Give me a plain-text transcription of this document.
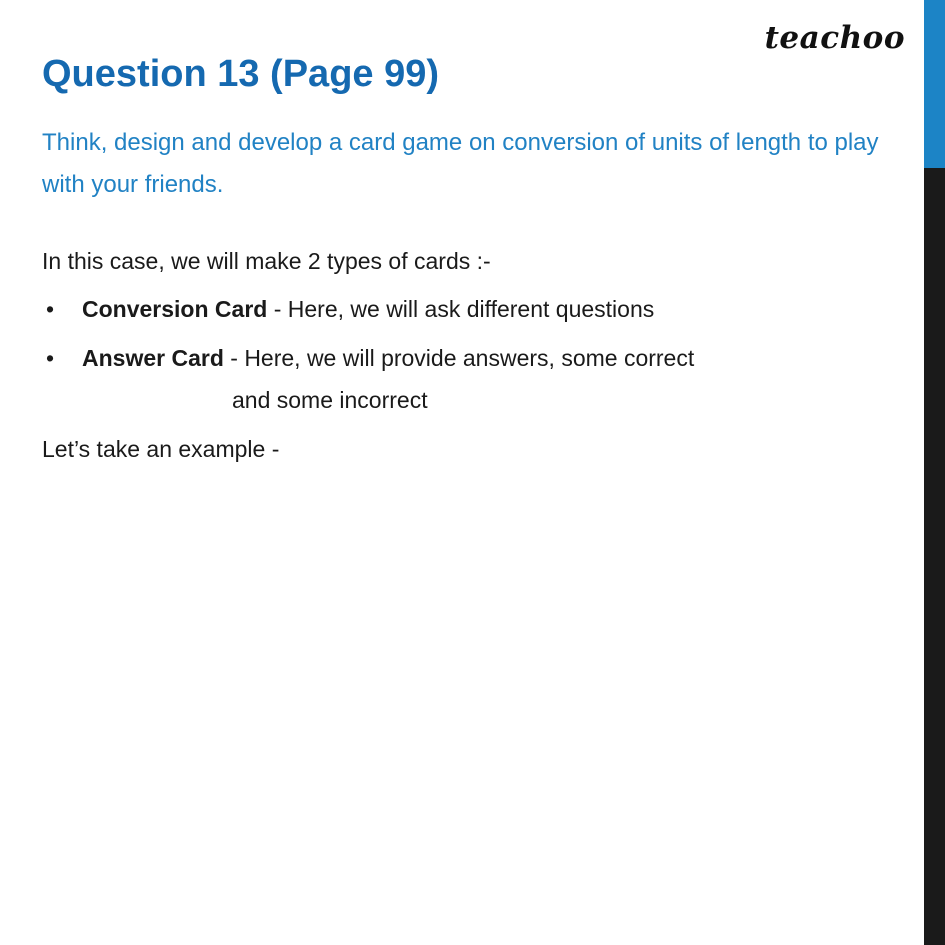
teachoo
Question 13 (Page 99)

Think, design and develop a card game on conversion of units of length to play with your friends.

In this case, we will make 2 types of cards :-

• Conversion Card - Here, we will ask different questions
• Answer Card - Here, we will provide answers, some correct

and some incorrect

Let’s take an example -
